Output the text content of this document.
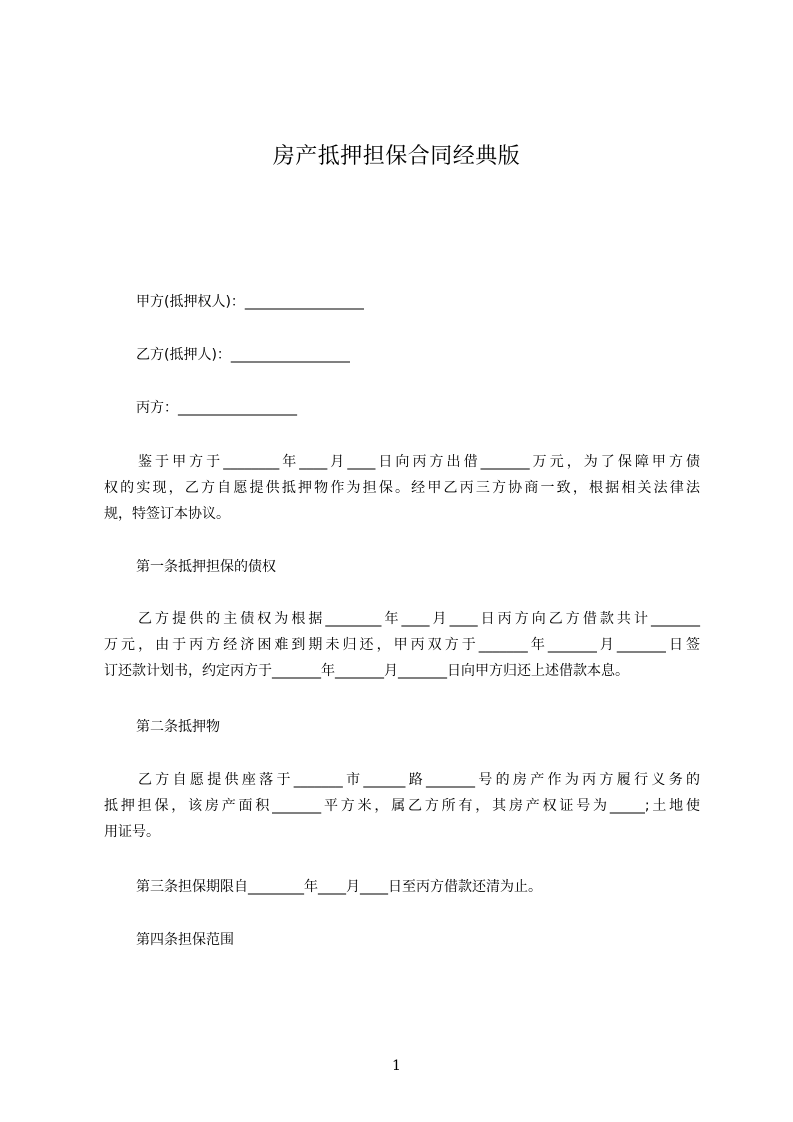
房产抵押担保合同经典版
甲方(抵押权人)：_________________
乙方(抵押人)：_________________
丙方：_________________
鉴于甲方于________年____月____日向丙方出借_______万元，为了保障甲方债
权的实现，乙方自愿提供抵押物作为担保。经甲乙丙三方协商一致，根据相关法律法
规，特签订本协议。
第一条抵押担保的债权
乙方提供的主债权为根据________年____月____日丙方向乙方借款共计_______
万元，由于丙方经济困难到期未归还，甲丙双方于_______年_______月_______日签
订还款计划书，约定丙方于_______年_______月_______日向甲方归还上述借款本息。
第二条抵押物
乙方自愿提供座落于_______市______路_______号的房产作为丙方履行义务的
抵押担保，该房产面积_______平方米，属乙方所有，其房产权证号为_____;土地使
用证号。
第三条担保期限自________年____月____日至丙方借款还清为止。
第四条担保范围
1
